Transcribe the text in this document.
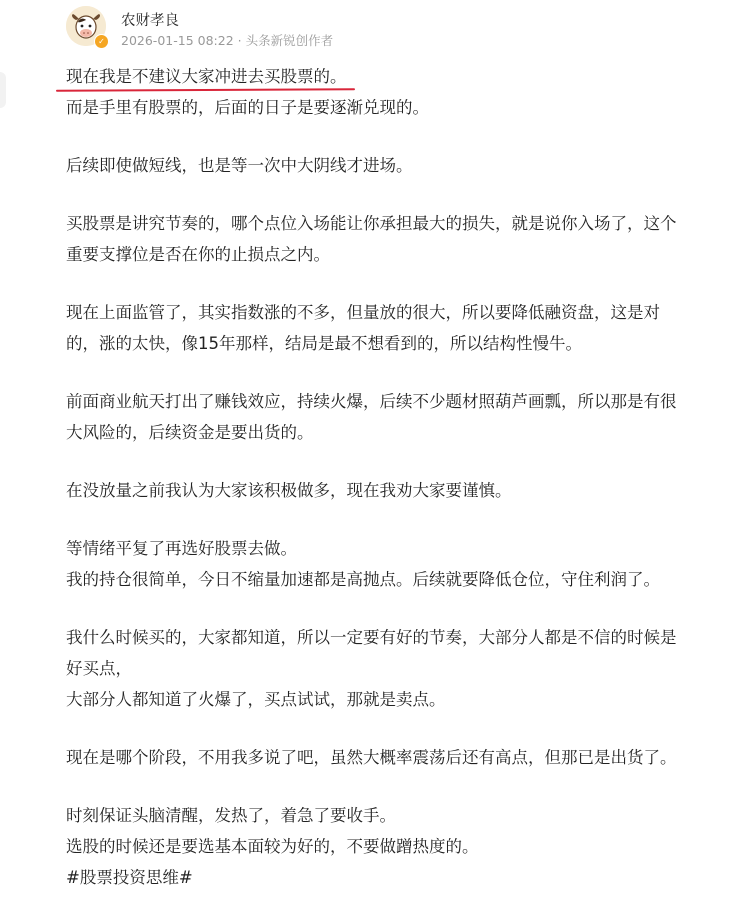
✓
农财孝良
2026-01-15 08:22 · 头条新锐创作者
现在我是不建议大家冲进去买股票的。
而是手里有股票的，后面的日子是要逐渐兑现的。
后续即使做短线，也是等一次中大阴线才进场。
买股票是讲究节奏的，哪个点位入场能让你承担最大的损失，就是说你入场了，这个
重要支撑位是否在你的止损点之内。
现在上面监管了，其实指数涨的不多，但量放的很大，所以要降低融资盘，这是对
的，涨的太快，像15年那样，结局是最不想看到的，所以结构性慢牛。
前面商业航天打出了赚钱效应，持续火爆，后续不少题材照葫芦画瓢，所以那是有很
大风险的，后续资金是要出货的。
在没放量之前我认为大家该积极做多，现在我劝大家要谨慎。
等情绪平复了再选好股票去做。
我的持仓很简单，今日不缩量加速都是高抛点。后续就要降低仓位，守住利润了。
我什么时候买的，大家都知道，所以一定要有好的节奏，大部分人都是不信的时候是
好买点，
大部分人都知道了火爆了，买点试试，那就是卖点。
现在是哪个阶段，不用我多说了吧，虽然大概率震荡后还有高点，但那已是出货了。
时刻保证头脑清醒，发热了，着急了要收手。
选股的时候还是要选基本面较为好的，不要做蹭热度的。
#股票投资思维#
